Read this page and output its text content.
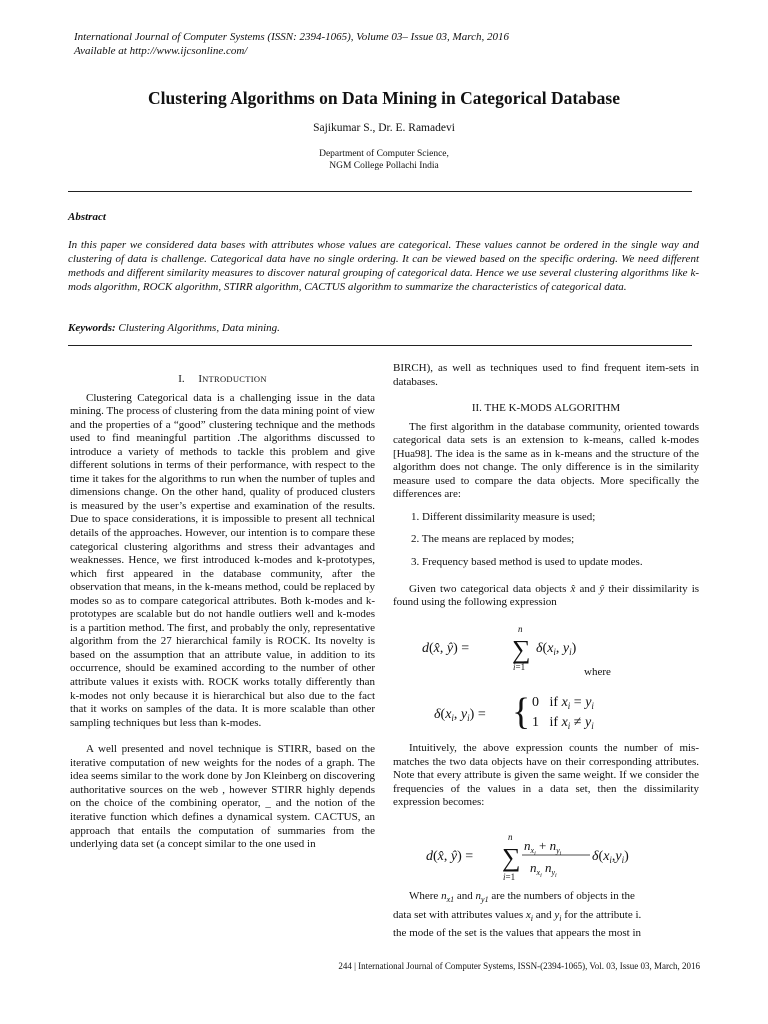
International Journal of Computer Systems (ISSN: 2394-1065), Volume 03– Issue 03, March, 2016
Available at http://www.ijcsonline.com/
Clustering Algorithms on Data Mining in Categorical Database
Sajikumar S., Dr. E. Ramadevi
Department of Computer Science,
NGM College Pollachi India
Abstract
In this paper we considered data bases with attributes whose values are categorical. These values cannot be ordered in the single way and clustering of data is challenge. Categorical data have no single ordering. It can be viewed based on the specific ordering. We need different methods and different similarity measures to discover natural grouping of categorical data. Hence we use several clustering algorithms like k-mods algorithm, ROCK algorithm, STIRR algorithm, CACTUS algorithm to summarize the characteristics of categorical data.
Keywords: Clustering Algorithms, Data mining.
I. INTRODUCTION

Clustering Categorical data is a challenging issue in the data mining. The process of clustering from the data mining point of view and the properties of a “good” clustering technique and the methods used to find meaningful partition .The algorithms discussed to introduce a variety of methods to tackle this problem and give different solutions in terms of their performance, with respect to the time it takes for the algorithms to run when the number of tuples and dimensions change. On the other hand, quality of produced clusters is measured by the user’s expertise and examination of the results. Due to space considerations, it is impossible to present all technical details of the approaches. However, our intention is to compare these categorical clustering algorithms and stress their advantages and weaknesses. Hence, we first introduced k-modes and k-prototypes, which first appeared in the database community, after the observation that means, in the k-means method, could be replaced by modes so as to compare categorical attributes. Both k-modes and k-prototypes are scalable but do not handle outliers well and k-modes is a partition method. The first, and probably the only, representative algorithm from the 27 hierarchical family is ROCK. Its novelty is based on the assumption that an attribute value, in addition to its occurrence, should be examined according to the number of other attribute values it exists with. ROCK works totally differently than k-modes not only because it is hierarchical but also due to the fact that it works on samples of the data. It is more scalable than other sampling techniques but less than k-modes.

A well presented and novel technique is STIRR, based on the iterative computation of new weights for the nodes of a graph. The idea seems similar to the work done by Jon Kleinberg on discovering authoritative sources on the web , however STIRR highly depends on the choice of the combining operator, _ and the notion of the iterative function which defines a dynamical system. CACTUS, an approach that entails the computation of summaries from the underlying data set (a concept similar to the one used in

BIRCH), as well as techniques used to find frequent item-sets in databases.

II. THE K-MODS ALGORITHM

The first algorithm in the database community, oriented towards categorical data sets is an extension to k-means, called k-modes [Hua98]. The idea is the same as in k-means and the structure of the algorithm does not change. The only difference is in the similarity measure used to compare the data objects. More specifically the differences are:

1. Different dissimilarity measure is used;

2. The means are replaced by modes;

3. Frequency based method is used to update modes.

Given two categorical data objects x̂ and ŷ their dissimilarity is found using the following expression

d(x̂, ŷ) = ∑
n
i=1
$\delta(x_i$, $y_i$)
where
$\delta(x_i$, $y_i$) = { 0   if $x_i = y_i$
1   if $x_i \ne y_i$

Intuitively, the above expression counts the number of mis-matches the two data objects have on their corresponding attributes. Note that every attribute is given the same weight. If we consider the frequencies of the values in a data set, then the dissimilarity expression becomes:

d(x̂, ŷ) = ∑
n
i=1
$n_xi + n_yi$
$n_xi$ $n_yi$
$\delta(x_i,y_i)$

Where $n_{x1}$ and $n_{y1}$ are the numbers of objects in the

data set with attributes values $x_i$ and $y_i$ for the attribute i.

the mode of the set is the values that appears the most in

244 | International Journal of Computer Systems, ISSN-(2394-1065), Vol. 03, Issue 03, March, 2016
